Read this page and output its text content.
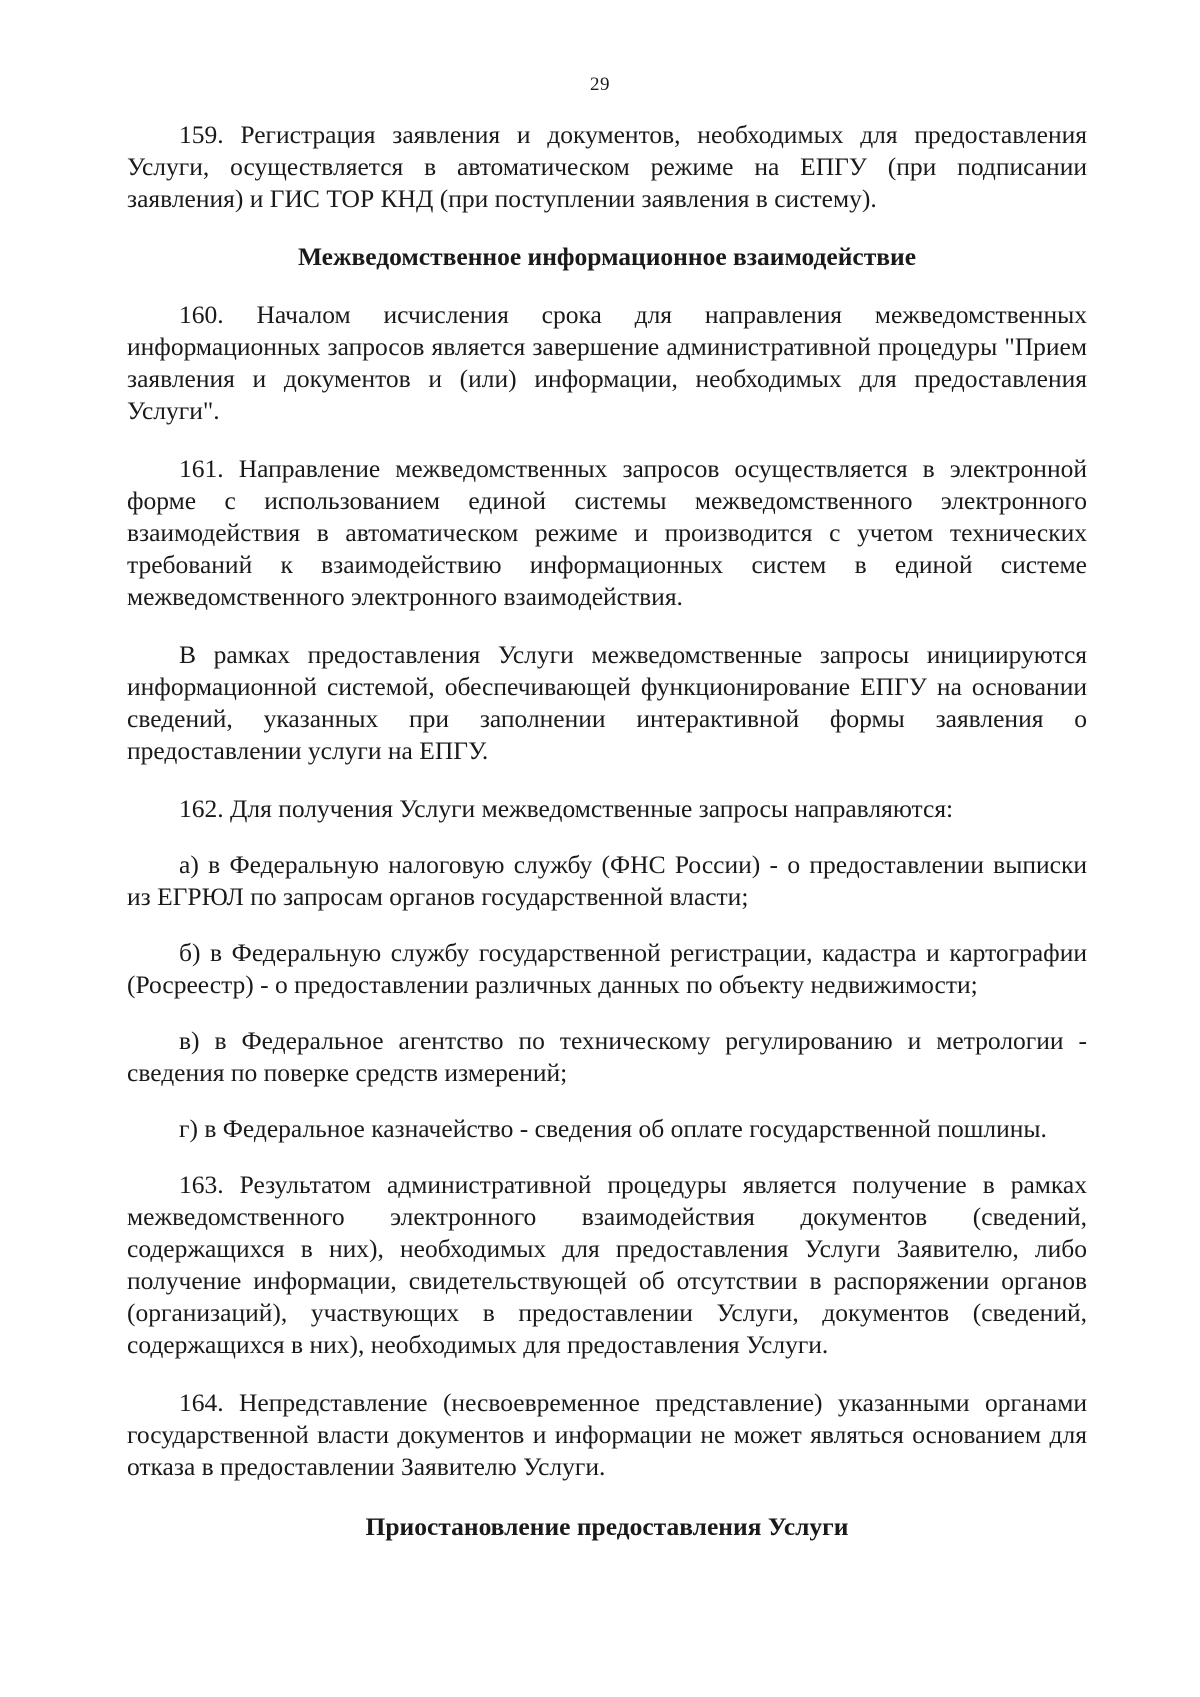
29

159. Регистрация заявления и документов, необходимых для предоставления Услуги, осуществляется в автоматическом режиме на ЕПГУ (при подписании заявления) и ГИС ТОР КНД (при поступлении заявления в систему).

Межведомственное информационное взаимодействие

160. Началом исчисления срока для направления межведомственных информационных запросов является завершение административной процедуры "Прием заявления и документов и (или) информации, необходимых для предоставления Услуги".

161. Направление межведомственных запросов осуществляется в электронной форме с использованием единой системы межведомственного электронного взаимодействия в автоматическом режиме и производится с учетом технических требований к взаимодействию информационных систем в единой системе межведомственного электронного взаимодействия.

В рамках предоставления Услуги межведомственные запросы инициируются информационной системой, обеспечивающей функционирование ЕПГУ на основании сведений, указанных при заполнении интерактивной формы заявления о предоставлении услуги на ЕПГУ.

162. Для получения Услуги межведомственные запросы направляются:

а) в Федеральную налоговую службу (ФНС России) - о предоставлении выписки из ЕГРЮЛ по запросам органов государственной власти;

б) в Федеральную службу государственной регистрации, кадастра и картографии (Росреестр) - о предоставлении различных данных по объекту недвижимости;

в) в Федеральное агентство по техническому регулированию и метрологии - сведения по поверке средств измерений;

г) в Федеральное казначейство - сведения об оплате государственной пошлины.

163. Результатом административной процедуры является получение в рамках межведомственного электронного взаимодействия документов (сведений, содержащихся в них), необходимых для предоставления Услуги Заявителю, либо получение информации, свидетельствующей об отсутствии в распоряжении органов (организаций), участвующих в предоставлении Услуги, документов (сведений, содержащихся в них), необходимых для предоставления Услуги.

164. Непредставление (несвоевременное представление) указанными органами государственной власти документов и информации не может являться основанием для отказа в предоставлении Заявителю Услуги.

Приостановление предоставления Услуги
